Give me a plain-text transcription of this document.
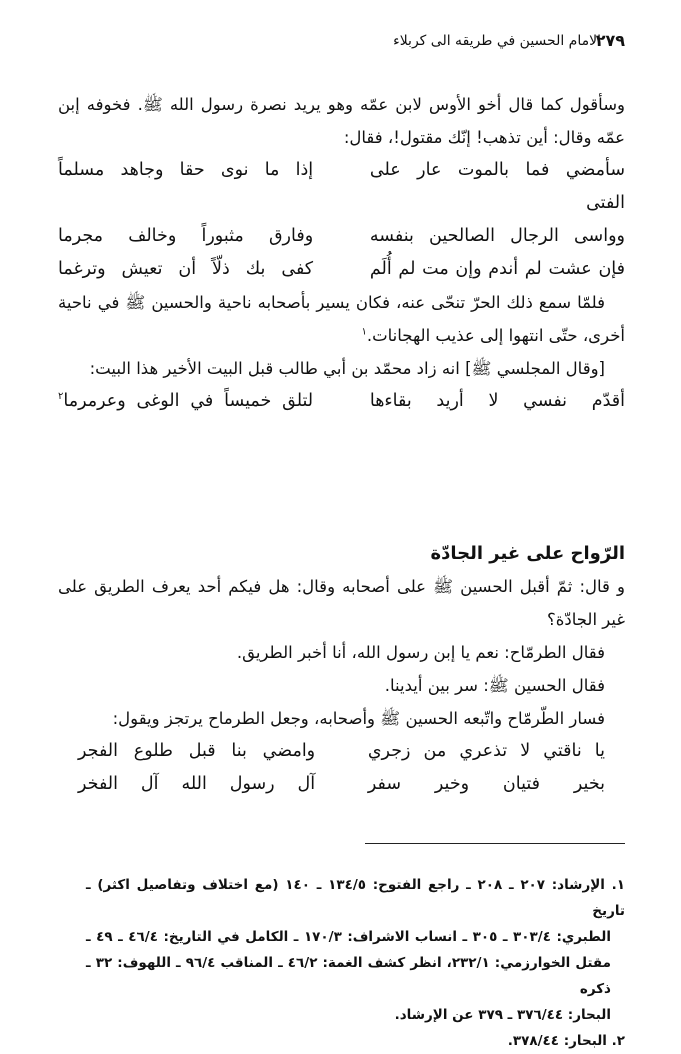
٢٧٩
الامام الحسين في طريقه الى كربلاء
وسأقول كما قال أخو الأوس لابن عمّه وهو يريد نصرة رسول الله ﷺ. فخوفه إبن
عمّه وقال: أين تذهب! إنّك مقتول!، فقال:
سأمضي فما بالموت عار على الفتى
إذا ما نوى حقا وجاهد مسلماً
وواسى الرجال الصالحين بنفسه
وفارق مثبوراً وخالف مجرما
فإن عشت لم أندم وإن مت لم أُلَم
كفى بك ذلّاً أن تعيش وترغما
فلمّا سمع ذلك الحرّ تنحّى عنه، فكان يسير بأصحابه ناحية والحسين ﷺ في ناحية
أخرى، حتّى انتهوا إلى عذيب الهجانات.$^١$
[وقال المجلسي ﷺ] انه زاد محمّد بن أبي طالب قبل البيت الأخير هذا البيت:
أقدّم نفسي لا أريد بقاءها
لتلق خميساً في الوغى وعرمرما$^٢$
الرّواح على غير الجادّة
و قال: ثمّ أقبل الحسين ﷺ على أصحابه وقال: هل فيكم أحد يعرف الطريق على
غير الجادّة؟
فقال الطرمّاح: نعم يا إبن رسول الله، أنا أخبر الطريق.
فقال الحسين ﷺ: سر بين أيدينا.
فسار الطّرمّاح واتّبعه الحسين ﷺ وأصحابه، وجعل الطرماح يرتجز ويقول:
يا ناقتي لا تذعري من زجري
وامضي بنا قبل طلوع الفجر
بخير فتيان وخير سفر
آل رسول الله آل الفخر
١. الإرشاد: ٢٠٧ ـ ٢٠٨ ـ راجع الفتوح: ١٣٤/٥ ـ ١٤٠ (مع اختلاف وتفاصيل اكثر) ـ تاريخ
الطبري: ٣٠٣/٤ ـ ٣٠٥ ـ انساب الاشراف: ١٧٠/٣ ـ الكامل في التاريخ: ٤٦/٤ ـ ٤٩ ـ
مقتل الخوارزمي: ٢٣٢/١، انظر كشف الغمة: ٤٦/٢ ـ المناقب ٩٦/٤ ـ اللهوف: ٣٢ ـ ذكره
البحار: ٣٧٦/٤٤ ـ ٣٧٩ عن الإرشاد.
٢. البحار: ٣٧٨/٤٤.
